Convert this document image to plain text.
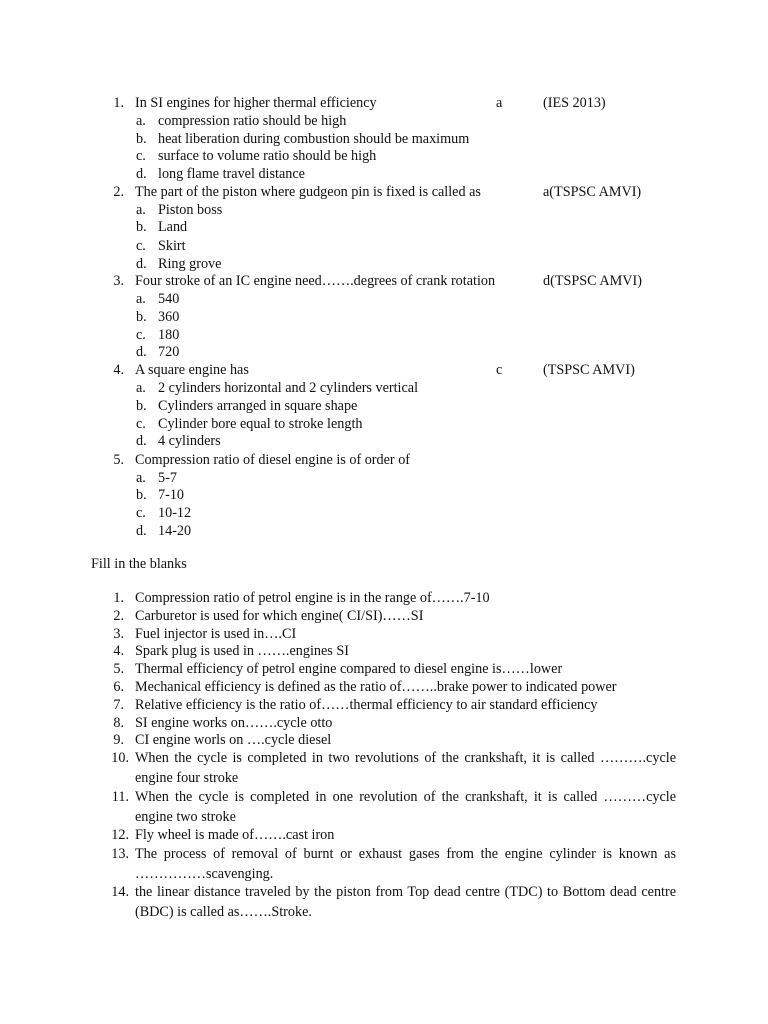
1. In SI engines for higher thermal efficiency	a	(IES 2013)
a. compression ratio should be high
b. heat liberation during combustion should be maximum
c. surface to volume ratio should be high
d. long flame travel distance
2. The part of the piston where gudgeon pin is fixed is called as	a(TSPSC AMVI)
a. Piston boss
b. Land
c. Skirt
d. Ring grove
3. Four stroke of an IC engine need…….degrees of crank rotation	d(TSPSC AMVI)
a. 540
b. 360
c. 180
d. 720
4. A square engine has	c	(TSPSC AMVI)
a. 2 cylinders horizontal and 2 cylinders vertical
b. Cylinders arranged in square shape
c. Cylinder bore equal to stroke length
d. 4 cylinders
5. Compression ratio of diesel engine is of order of
a. 5-7
b. 7-10
c. 10-12
d. 14-20
Fill in the blanks
1. Compression ratio of petrol engine is in the range of…….7-10
2. Carburetor is used for which engine( CI/SI)……SI
3. Fuel injector is used in….CI
4. Spark plug is used in …….engines SI
5. Thermal efficiency of petrol engine compared to diesel engine is……lower
6. Mechanical efficiency is defined as the ratio of……..brake power to indicated power
7. Relative efficiency is the ratio of……thermal efficiency to air standard efficiency
8. SI engine works on…….cycle otto
9. CI engine worls on ….cycle diesel
10. When the cycle is completed in two revolutions of the crankshaft, it is called ……….cycle engine four stroke
11. When the cycle is completed in one revolution of the crankshaft, it is called ………cycle engine two stroke
12. Fly wheel is made of…….cast iron
13. The process of removal of burnt or exhaust gases from the engine cylinder is known as ……………scavenging.
14. the linear distance traveled by the piston from Top dead centre (TDC) to Bottom dead centre (BDC) is called as…….Stroke.
